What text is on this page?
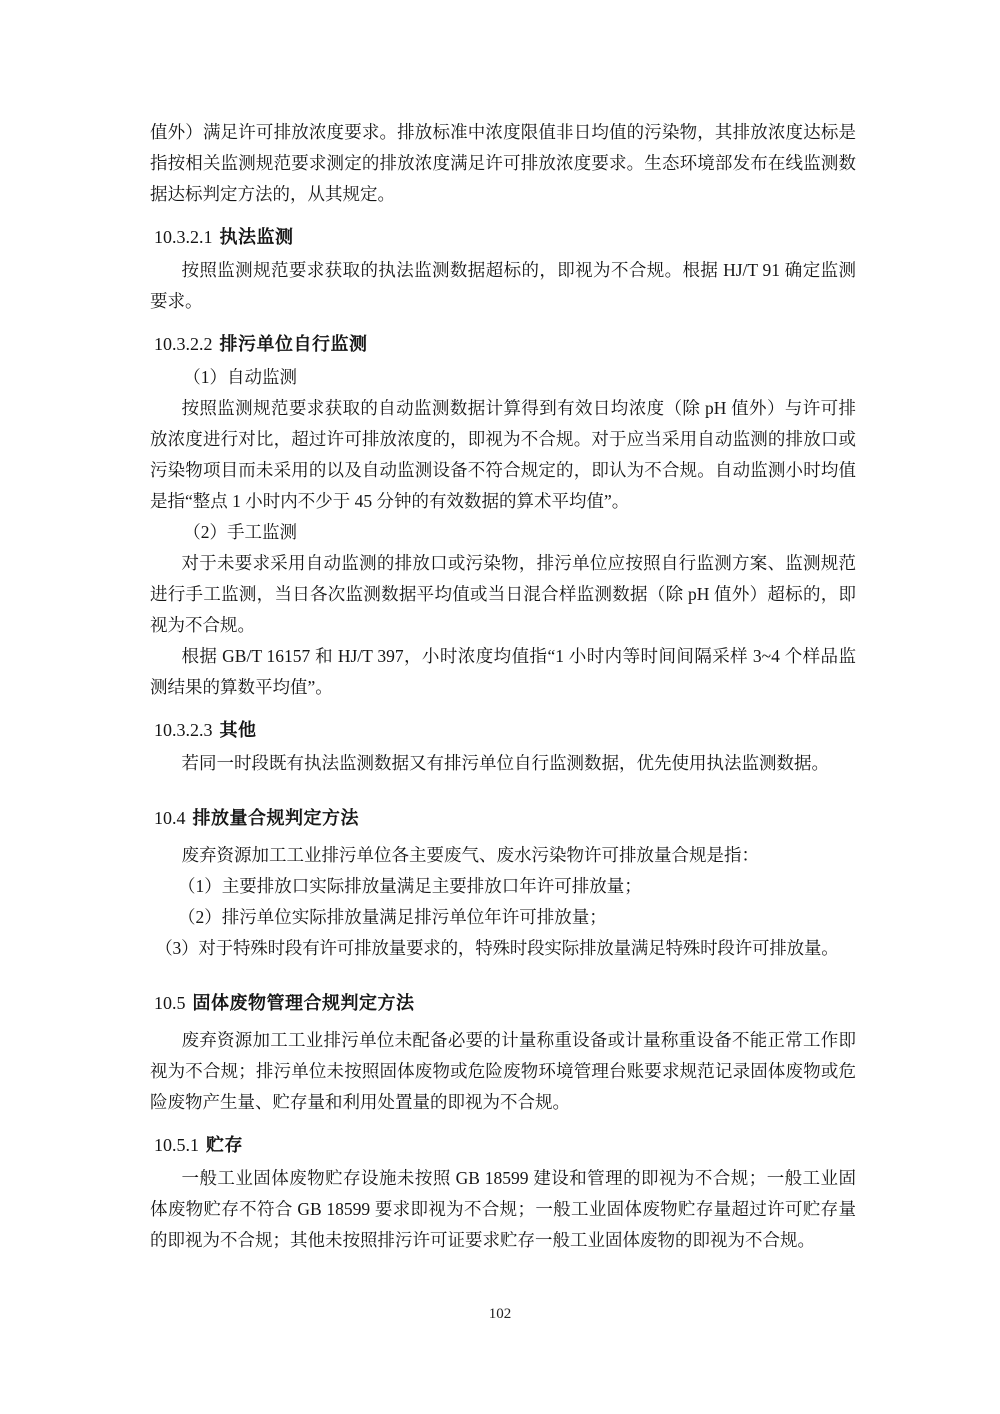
值外）满足许可排放浓度要求。排放标准中浓度限值非日均值的污染物，其排放浓度达标是指按相关监测规范要求测定的排放浓度满足许可排放浓度要求。生态环境部发布在线监测数据达标判定方法的，从其规定。

10.3.2.1 执法监测

按照监测规范要求获取的执法监测数据超标的，即视为不合规。根据 HJ/T 91 确定监测要求。

10.3.2.2 排污单位自行监测

（1）自动监测

按照监测规范要求获取的自动监测数据计算得到有效日均浓度（除 pH 值外）与许可排放浓度进行对比，超过许可排放浓度的，即视为不合规。对于应当采用自动监测的排放口或污染物项目而未采用的以及自动监测设备不符合规定的，即认为不合规。自动监测小时均值是指“整点 1 小时内不少于 45 分钟的有效数据的算术平均值”。

（2）手工监测

对于未要求采用自动监测的排放口或污染物，排污单位应按照自行监测方案、监测规范进行手工监测，当日各次监测数据平均值或当日混合样监测数据（除 pH 值外）超标的，即视为不合规。

根据 GB/T 16157 和 HJ/T 397，小时浓度均值指“1 小时内等时间间隔采样 3~4 个样品监测结果的算数平均值”。

10.3.2.3 其他

若同一时段既有执法监测数据又有排污单位自行监测数据，优先使用执法监测数据。

10.4 排放量合规判定方法

废弃资源加工工业排污单位各主要废气、废水污染物许可排放量合规是指：

（1）主要排放口实际排放量满足主要排放口年许可排放量；

（2）排污单位实际排放量满足排污单位年许可排放量；

（3）对于特殊时段有许可排放量要求的，特殊时段实际排放量满足特殊时段许可排放量。

10.5 固体废物管理合规判定方法

废弃资源加工工业排污单位未配备必要的计量称重设备或计量称重设备不能正常工作即视为不合规；排污单位未按照固体废物或危险废物环境管理台账要求规范记录固体废物或危险废物产生量、贮存量和利用处置量的即视为不合规。

10.5.1 贮存

一般工业固体废物贮存设施未按照 GB 18599 建设和管理的即视为不合规；一般工业固体废物贮存不符合 GB 18599 要求即视为不合规；一般工业固体废物贮存量超过许可贮存量的即视为不合规；其他未按照排污许可证要求贮存一般工业固体废物的即视为不合规。

102
